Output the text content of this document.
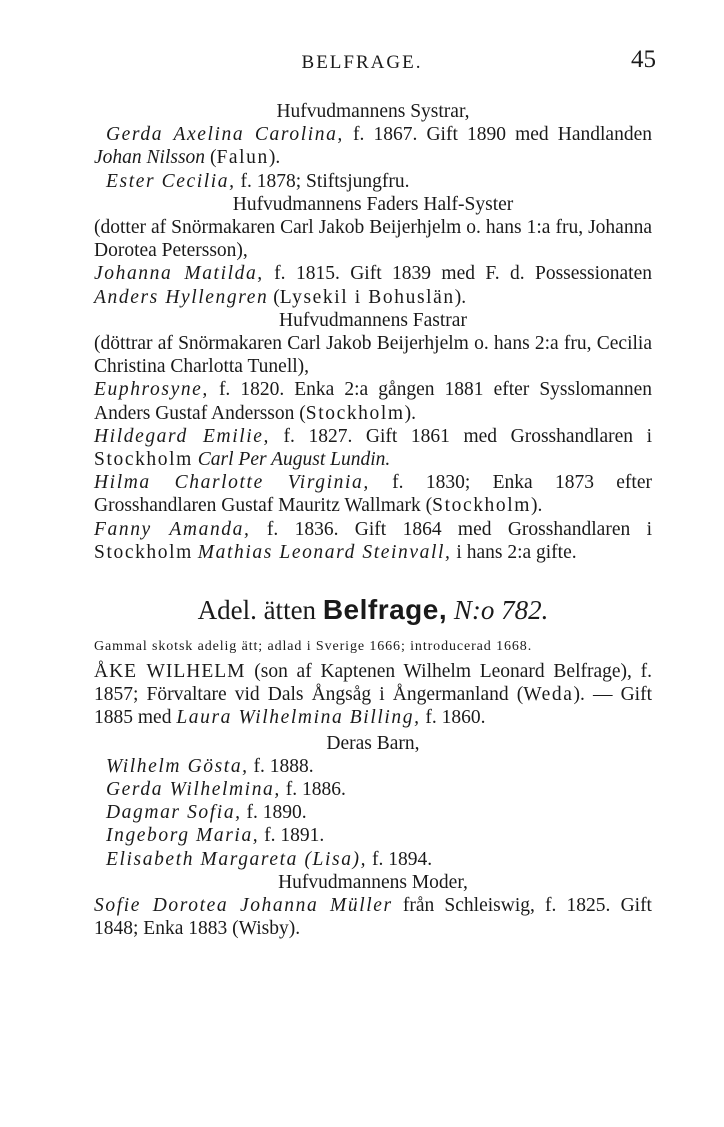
BELFRAGE.	45

Hufvudmannens Systrar,

Gerda Axelina Carolina, f. 1867. Gift 1890 med Handlanden Johan Nilsson (Falun).

Ester Cecilia, f. 1878; Stiftsjungfru.

Hufvudmannens Faders Half-Syster

(dotter af Snörmakaren Carl Jakob Beijerhjelm o. hans 1:a fru, Johanna Dorotea Petersson),

Johanna Matilda, f. 1815. Gift 1839 med F. d. Possessionaten Anders Hyllengren (Lysekil i Bohuslän).

Hufvudmannens Fastrar

(döttrar af Snörmakaren Carl Jakob Beijerhjelm o. hans 2:a fru, Cecilia Christina Charlotta Tunell),

Euphrosyne, f. 1820. Enka 2:a gången 1881 efter Sysslomannen Anders Gustaf Andersson (Stockholm).

Hildegard Emilie, f. 1827. Gift 1861 med Grosshandlaren i Stockholm Carl Per August Lundin.

Hilma Charlotte Virginia, f. 1830; Enka 1873 efter Grosshandlaren Gustaf Mauritz Wallmark (Stockholm).

Fanny Amanda, f. 1836. Gift 1864 med Grosshandlaren i Stockholm Mathias Leonard Steinvall, i hans 2:a gifte.

Adel. ätten Belfrage, N:o 782.

Gammal skotsk adelig ätt; adlad i Sverige 1666; introducerad 1668.

ÅKE WILHELM (son af Kaptenen Wilhelm Leonard Belfrage), f. 1857; Förvaltare vid Dals Ångsåg i Ångermanland (Weda). — Gift 1885 med Laura Wilhelmina Billing, f. 1860.

Deras Barn,

Wilhelm Gösta, f. 1888.

Gerda Wilhelmina, f. 1886.

Dagmar Sofia, f. 1890.

Ingeborg Maria, f. 1891.

Elisabeth Margareta (Lisa), f. 1894.

Hufvudmannens Moder,

Sofie Dorotea Johanna Müller från Schleiswig, f. 1825. Gift 1848; Enka 1883 (Wisby).
